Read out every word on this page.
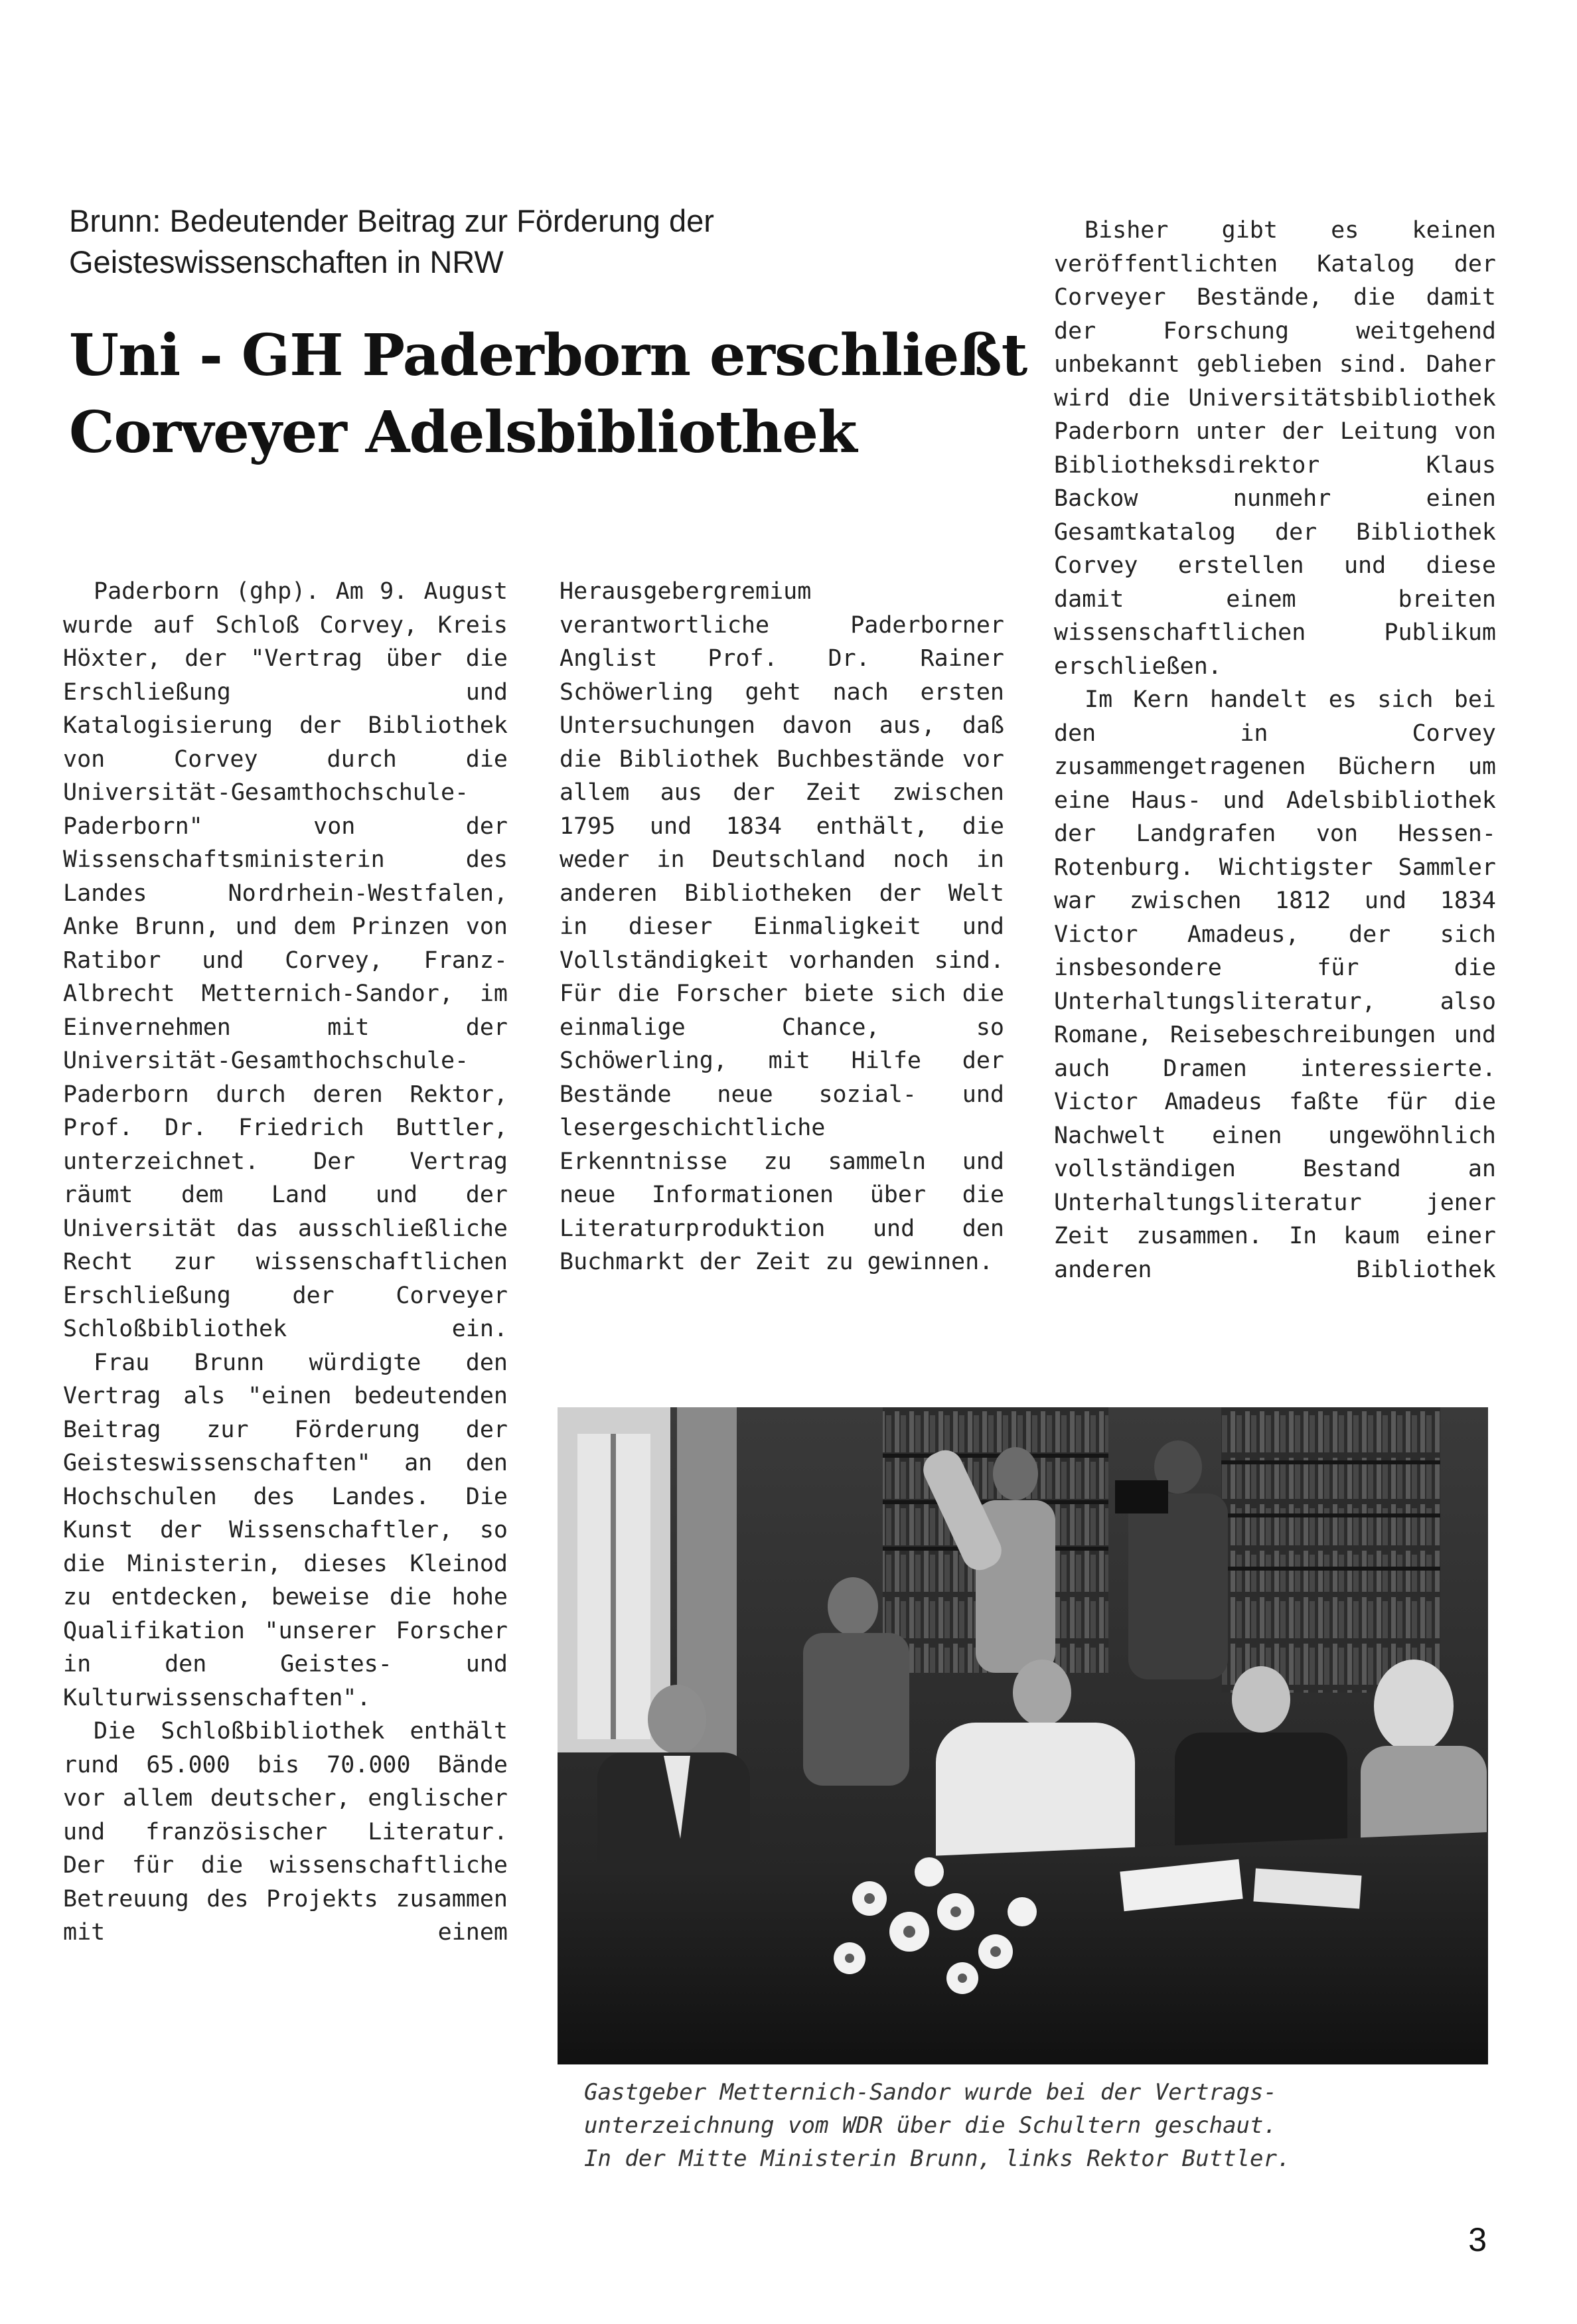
Brunn: Bedeutender Beitrag zur Förderung der Geisteswissenschaften in NRW
Uni - GH Paderborn erschließt
Corveyer Adelsbibliothek

Paderborn (ghp). Am 9. August wurde auf Schloß Corvey, Kreis Höxter, der "Vertrag über die Erschließung und Katalogisierung der Bibliothek von Corvey durch die Universität-Gesamthochschule-Paderborn" von der Wissenschaftsministerin des Landes Nordrhein-Westfalen, Anke Brunn, und dem Prinzen von Ratibor und Corvey, Franz-Albrecht Metternich-Sandor, im Einvernehmen mit der Universität-Gesamthochschule-Paderborn durch deren Rektor, Prof. Dr. Friedrich Buttler, unterzeichnet. Der Vertrag räumt dem Land und der Universität das ausschließliche Recht zur wissenschaftlichen Erschließung der Corveyer Schloßbibliothek ein.

Frau Brunn würdigte den Vertrag als "einen bedeutenden Beitrag zur Förderung der Geisteswissenschaften" an den Hochschulen des Landes. Die Kunst der Wissenschaftler, so die Ministerin, dieses Kleinod zu entdecken, beweise die hohe Qualifikation "unserer Forscher in den Geistes- und Kulturwissenschaften".

Die Schloßbibliothek enthält rund 65.000 bis 70.000 Bände vor allem deutscher, englischer und französischer Literatur. Der für die wissenschaftliche Betreuung des Projekts zusammen mit einem

Herausgebergremium verantwortliche Paderborner Anglist Prof. Dr. Rainer Schöwerling geht nach ersten Untersuchungen davon aus, daß die Bibliothek Buchbestände vor allem aus der Zeit zwischen 1795 und 1834 enthält, die weder in Deutschland noch in anderen Bibliotheken der Welt in dieser Einmaligkeit und Vollständigkeit vorhanden sind. Für die Forscher biete sich die einmalige Chance, so Schöwerling, mit Hilfe der Bestände neue sozial- und lesergeschichtliche Erkenntnisse zu sammeln und neue Informationen über die Literaturproduktion und den Buchmarkt der Zeit zu gewinnen.

Bisher gibt es keinen veröffentlichten Katalog der Corveyer Bestände, die damit der Forschung weitgehend unbekannt geblieben sind. Daher wird die Universitätsbibliothek Paderborn unter der Leitung von Bibliotheksdirektor Klaus Backow nunmehr einen Gesamtkatalog der Bibliothek Corvey erstellen und diese damit einem breiten wissenschaftlichen Publikum erschließen.

Im Kern handelt es sich bei den in Corvey zusammengetragenen Büchern um eine Haus- und Adelsbibliothek der Landgrafen von Hessen-Rotenburg. Wichtigster Sammler war zwischen 1812 und 1834 Victor Amadeus, der sich insbesondere für die Unterhaltungsliteratur, also Romane, Reisebeschreibungen und auch Dramen interessierte. Victor Amadeus faßte für die Nachwelt einen ungewöhnlich vollständigen Bestand an Unterhaltungsliteratur jener Zeit zusammen. In kaum einer anderen Bibliothek

Gastgeber Metternich-Sandor wurde bei der Vertrags-
unterzeichnung vom WDR über die Schultern geschaut.
In der Mitte Ministerin Brunn, links Rektor Buttler.
3
